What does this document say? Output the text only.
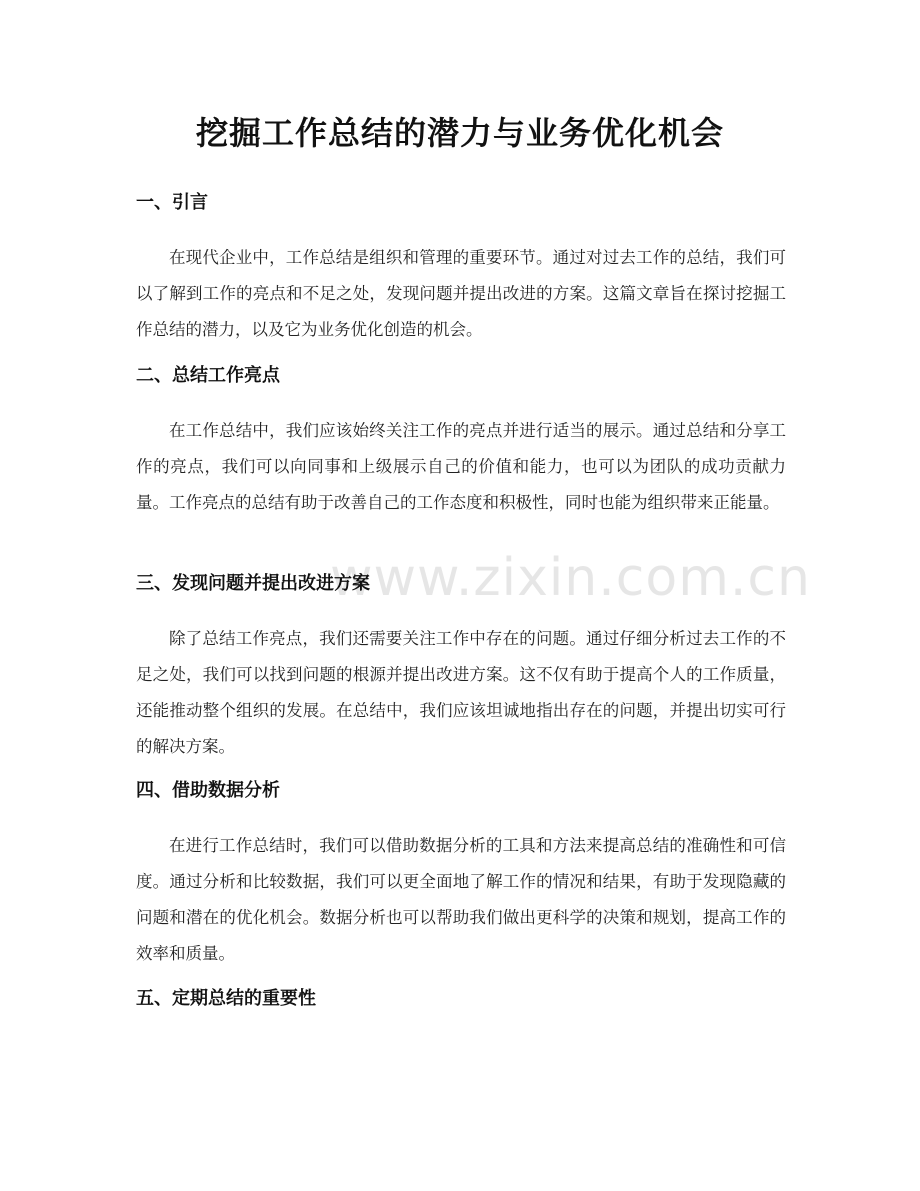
www.zixin.com.cn
挖掘工作总结的潜力与业务优化机会
一、引言

在现代企业中，工作总结是组织和管理的重要环节。通过对过去工作的总结，我们可以了解到工作的亮点和不足之处，发现问题并提出改进的方案。这篇文章旨在探讨挖掘工作总结的潜力，以及它为业务优化创造的机会。

二、总结工作亮点

在工作总结中，我们应该始终关注工作的亮点并进行适当的展示。通过总结和分享工作的亮点，我们可以向同事和上级展示自己的价值和能力，也可以为团队的成功贡献力量。工作亮点的总结有助于改善自己的工作态度和积极性，同时也能为组织带来正能量。

三、发现问题并提出改进方案

除了总结工作亮点，我们还需要关注工作中存在的问题。通过仔细分析过去工作的不足之处，我们可以找到问题的根源并提出改进方案。这不仅有助于提高个人的工作质量，还能推动整个组织的发展。在总结中，我们应该坦诚地指出存在的问题，并提出切实可行的解决方案。

四、借助数据分析

在进行工作总结时，我们可以借助数据分析的工具和方法来提高总结的准确性和可信度。通过分析和比较数据，我们可以更全面地了解工作的情况和结果，有助于发现隐藏的问题和潜在的优化机会。数据分析也可以帮助我们做出更科学的决策和规划，提高工作的效率和质量。

五、定期总结的重要性
